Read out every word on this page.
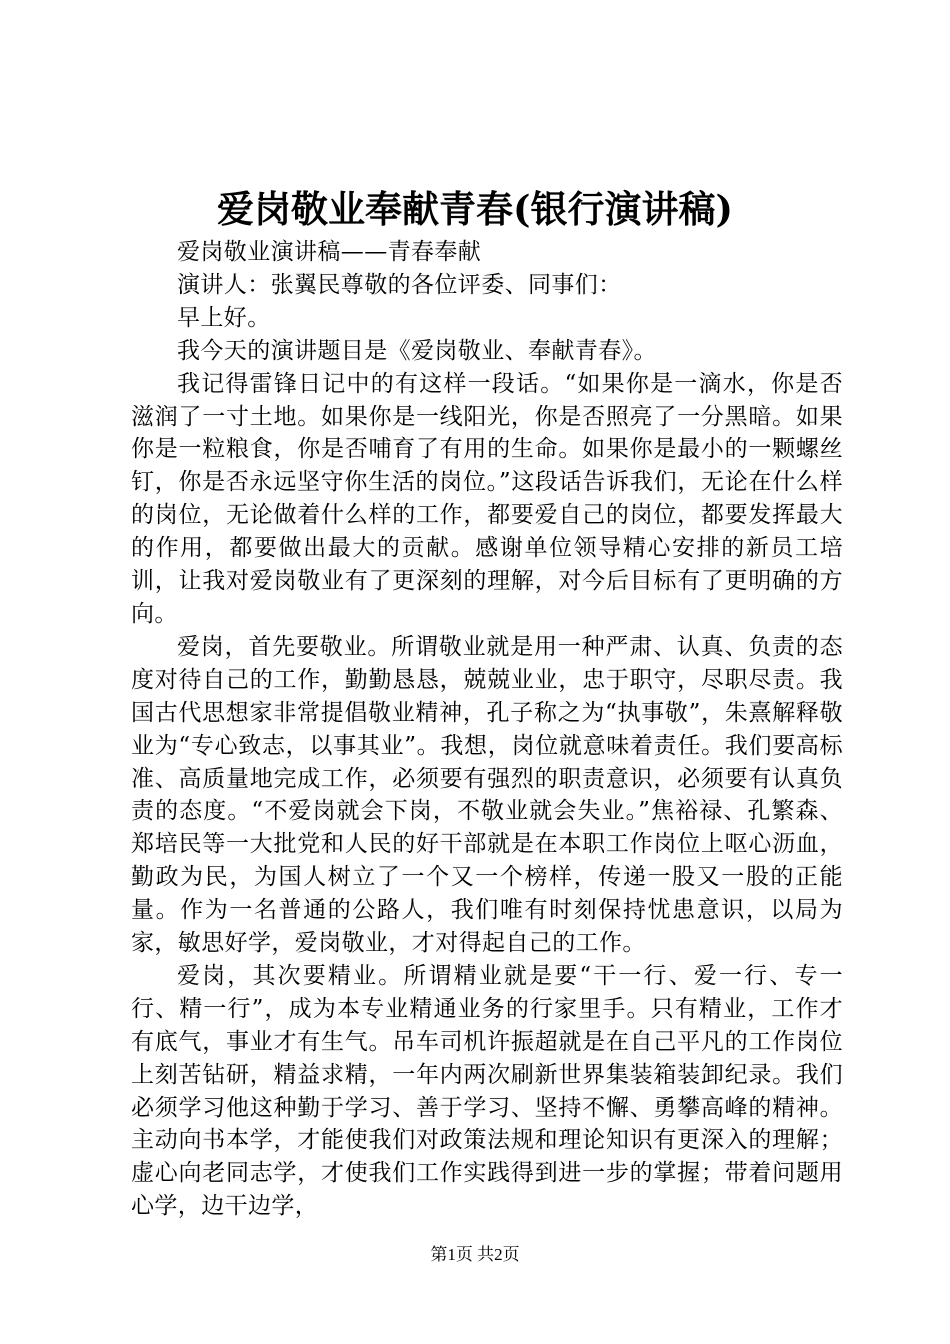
爱岗敬业奉献青春(银行演讲稿)

爱岗敬业演讲稿——青春奉献

演讲人：张翼民尊敬的各位评委、同事们：

早上好。

我今天的演讲题目是《爱岗敬业、奉献青春》。

我记得雷锋日记中的有这样一段话。“如果你是一滴水，你是否滋润了一寸土地。如果你是一线阳光，你是否照亮了一分黑暗。如果你是一粒粮食，你是否哺育了有用的生命。如果你是最小的一颗螺丝钉，你是否永远坚守你生活的岗位。”这段话告诉我们，无论在什么样的岗位，无论做着什么样的工作，都要爱自己的岗位，都要发挥最大的作用，都要做出最大的贡献。感谢单位领导精心安排的新员工培训，让我对爱岗敬业有了更深刻的理解，对今后目标有了更明确的方向。

爱岗，首先要敬业。所谓敬业就是用一种严肃、认真、负责的态度对待自己的工作，勤勤恳恳，兢兢业业，忠于职守，尽职尽责。我国古代思想家非常提倡敬业精神，孔子称之为“执事敬”，朱熹解释敬业为“专心致志，以事其业”。我想，岗位就意味着责任。我们要高标准、高质量地完成工作，必须要有强烈的职责意识，必须要有认真负责的态度。“不爱岗就会下岗，不敬业就会失业。”焦裕禄、孔繁森、郑培民等一大批党和人民的好干部就是在本职工作岗位上呕心沥血，勤政为民，为国人树立了一个又一个榜样，传递一股又一股的正能量。作为一名普通的公路人，我们唯有时刻保持忧患意识，以局为家，敏思好学，爱岗敬业，才对得起自己的工作。

爱岗，其次要精业。所谓精业就是要“干一行、爱一行、专一行、精一行”，成为本专业精通业务的行家里手。只有精业，工作才有底气，事业才有生气。吊车司机许振超就是在自己平凡的工作岗位上刻苦钻研，精益求精，一年内两次刷新世界集装箱装卸纪录。我们必须学习他这种勤于学习、善于学习、坚持不懈、勇攀高峰的精神。主动向书本学，才能使我们对政策法规和理论知识有更深入的理解；虚心向老同志学，才使我们工作实践得到进一步的掌握；带着问题用心学，边干边学，

第1页 共2页
